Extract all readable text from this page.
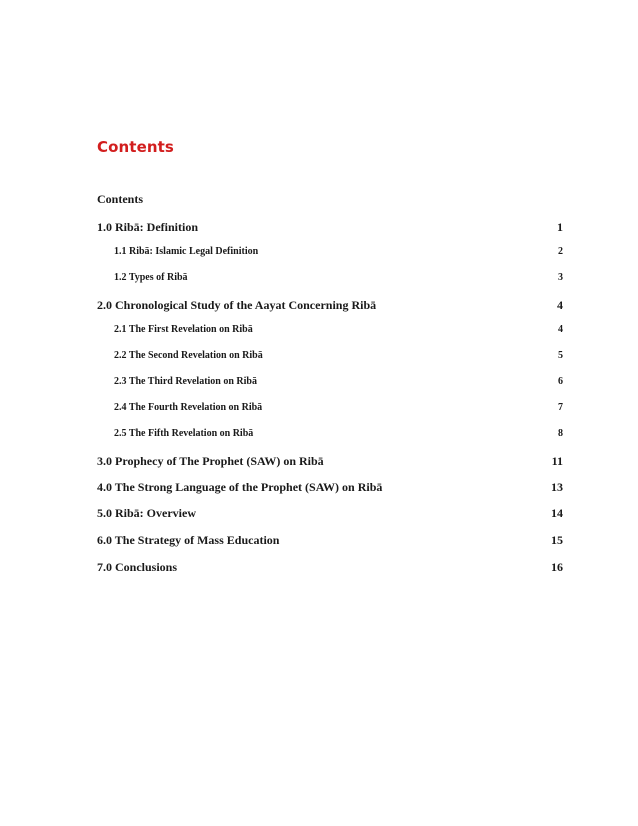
Contents
Contents
1.0 Ribā: Definition	1
1.1 Ribā: Islamic Legal Definition	2
1.2 Types of Ribā	3
2.0 Chronological Study of the Aayat Concerning Ribā	4
2.1 The First Revelation on Ribā	4
2.2 The Second Revelation on Ribā	5
2.3 The Third Revelation on Ribā	6
2.4 The Fourth Revelation on Ribā	7
2.5 The Fifth Revelation on Ribā	8
3.0 Prophecy of The Prophet (SAW) on Ribā	11
4.0 The Strong Language of the Prophet (SAW) on Ribā	13
5.0 Ribā: Overview	14
6.0 The Strategy of Mass Education	15
7.0 Conclusions	16
